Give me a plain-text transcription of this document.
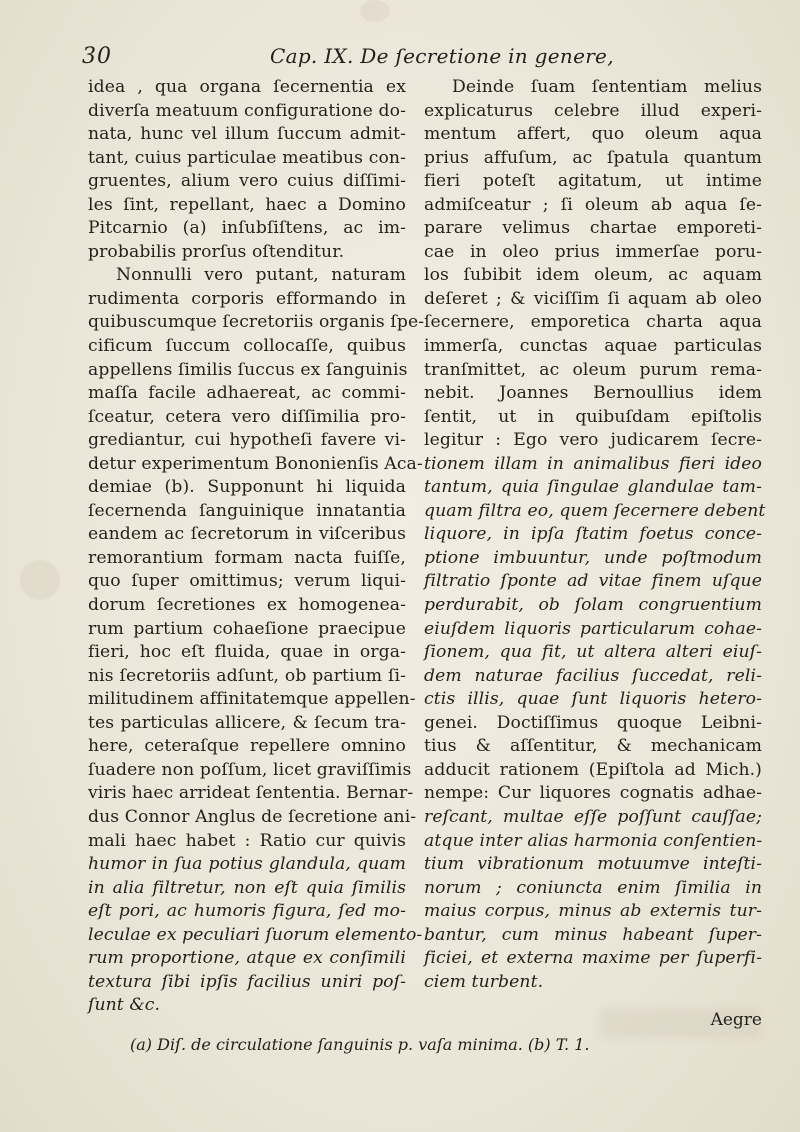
30	Cap. IX. De ſecretione in genere,
idea , qua organa ſecernentia ex
diverſa meatuum configuratione do-
nata, hunc vel illum ſuccum admit-
tant, cuius particulae meatibus con-
gruentes, alium vero cuius diſſimi-
les ſint, repellant, haec a Domino
Pitcarnio (a) inſubſiſtens, ac im-
probabilis prorſus oſtenditur.
Nonnulli vero putant, naturam
rudimenta corporis efformando in
quibuscumque ſecretoriis organis ſpe-
cificum ſuccum collocaſſe, quibus
appellens ſimilis ſuccus ex ſanguinis
maſſa facile adhaereat, ac commi-
ſceatur, cetera vero diſſimilia pro-
grediantur, cui hypotheſi favere vi-
detur experimentum Bononienſis Aca-
demiae (b). Supponunt hi liquida
ſecernenda ſanguinique innatantia
eandem ac ſecretorum in viſceribus
remorantium formam nacta fuiſſe,
quo ſuper omittimus; verum liqui-
dorum ſecretiones ex homogenea-
rum partium cohaeſione praecipue
fieri, hoc eſt fluida, quae in orga-
nis ſecretoriis adſunt, ob partium ſi-
militudinem affinitatemque appellen-
tes particulas allicere, & ſecum tra-
here, ceteraſque repellere omnino
ſuadere non poſſum, licet graviſſimis
viris haec arrideat ſententia. Bernar-
dus Connor Anglus de ſecretione ani-
mali haec habet : Ratio cur quivis
humor in ſua potius glandula, quam
in alia filtretur, non eſt quia ſimilis
eſt pori, ac humoris figura, ſed mo-
leculae ex peculiari ſuorum elemento-
rum proportione, atque ex conſimili
textura ſibi ipſis facilius uniri poſ-
ſunt &c.
Deinde ſuam ſententiam melius
explicaturus celebre illud experi-
mentum affert, quo oleum aqua
prius affuſum, ac ſpatula quantum
fieri poteſt agitatum, ut intime
admiſceatur ; ſi oleum ab aqua ſe-
parare velimus chartae emporeti-
cae in oleo prius immerſae poru-
los ſubibit idem oleum, ac aquam
deſeret ; & viciſſim ſi aquam ab oleo
ſecernere, emporetica charta aqua
immerſa, cunctas aquae particulas
tranſmittet, ac oleum purum rema-
nebit. Joannes Bernoullius idem
ſentit, ut in quibuſdam epiſtolis
legitur : Ego vero judicarem ſecre-
tionem illam in animalibus fieri ideo
tantum, quia ſingulae glandulae tam-
quam filtra eo, quem ſecernere debent
liquore, in ipſa ſtatim foetus conce-
ptione imbuuntur, unde poſtmodum
filtratio ſponte ad vitae finem uſque
perdurabit, ob ſolam congruentium
eiuſdem liquoris particularum cohae-
ſionem, qua fit, ut altera alteri eiuſ-
dem naturae facilius ſuccedat, reli-
ctis illis, quae ſunt liquoris hetero-
genei. Doctiſſimus quoque Leibni-
tius & aſſentitur, & mechanicam
adducit rationem (Epiſtola ad Mich.)
nempe: Cur liquores cognatis adhae-
reſcant, multae eſſe poſſunt cauſſae;
atque inter alias harmonia conſentien-
tium vibrationum motuumve inteſti-
norum ; coniuncta enim ſimilia in
maius corpus, minus ab externis tur-
bantur, cum minus habeant ſuper-
ficiei, et externa maxime per ſuperfi-
ciem turbent.
Aegre
(a) Diſ. de circulatione ſanguinis p. vaſa minima. (b) T. 1.
